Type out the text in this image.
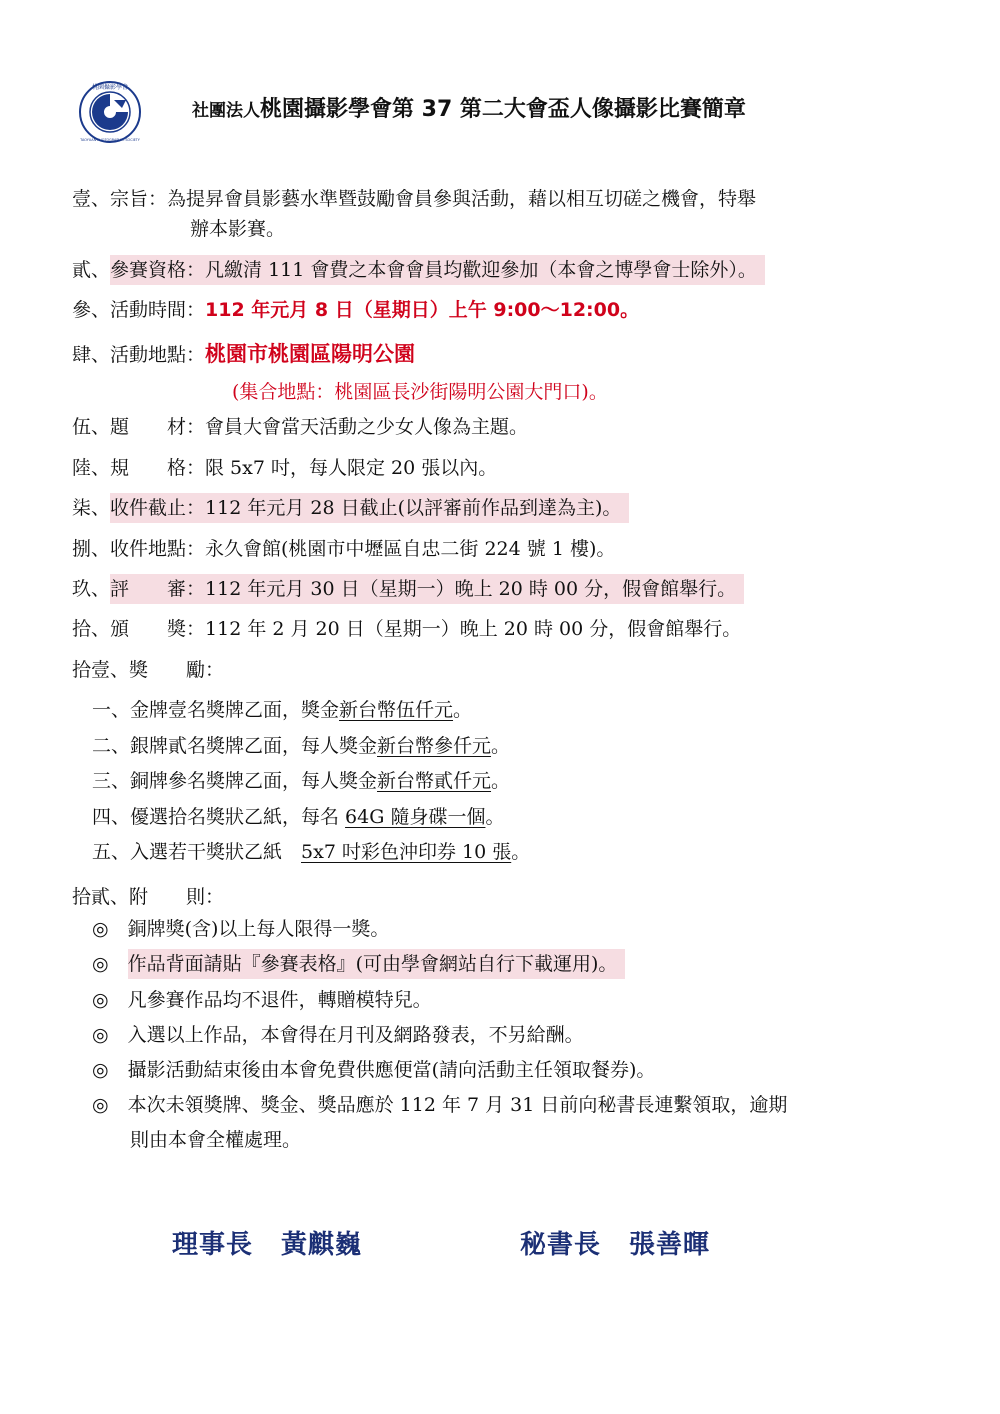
桃園攝影學會
TAOYUAN PHOTOGRAPHIC SOCIETY
社團法人桃園攝影學會第 37 第二大會盃人像攝影比賽簡章
壹、宗旨：為提昇會員影藝水準暨鼓勵會員參與活動，藉以相互切磋之機會，特舉
辦本影賽。
貳、參賽資格：凡繳清 111 會費之本會會員均歡迎參加（本會之博學會士除外）。
參、活動時間：112 年元月 8 日（星期日）上午 9:00～12:00。
肆、活動地點：桃園市桃園區陽明公園
(集合地點：桃園區長沙街陽明公園大門口)。
伍、題　　材：會員大會當天活動之少女人像為主題。
陸、規　　格：限 5x7 吋，每人限定 20 張以內。
柒、收件截止：112 年元月 28 日截止(以評審前作品到達為主)。
捌、收件地點：永久會館(桃園市中壢區自忠二街 224 號 1 樓)。
玖、評　　審：112 年元月 30 日（星期一）晚上 20 時 00 分，假會館舉行。
拾、頒　　獎：112 年 2 月 20 日（星期一）晚上 20 時 00 分，假會館舉行。
拾壹、獎　　勵：
一、金牌壹名獎牌乙面，獎金新台幣伍仟元。
二、銀牌貳名獎牌乙面，每人獎金新台幣參仟元。
三、銅牌參名獎牌乙面，每人獎金新台幣貳仟元。
四、優選拾名獎狀乙紙，每名 64G 隨身碟一個。
五、入選若干獎狀乙紙　5x7 吋彩色沖印券 10 張。
拾貳、附　　則：
◎　 銅牌獎(含)以上每人限得一獎。
◎　 作品背面請貼『參賽表格』(可由學會網站自行下載運用)。
◎　 凡參賽作品均不退件，轉贈模特兒。
◎　 入選以上作品，本會得在月刊及網路發表，不另給酬。
◎　 攝影活動結束後由本會免費供應便當(請向活動主任領取餐券)。
◎　 本次未領獎牌、獎金、獎品應於 112 年 7 月 31 日前向秘書長連繫領取，逾期
則由本會全權處理。
理事長 黃麒巍	秘書長 張善暉
